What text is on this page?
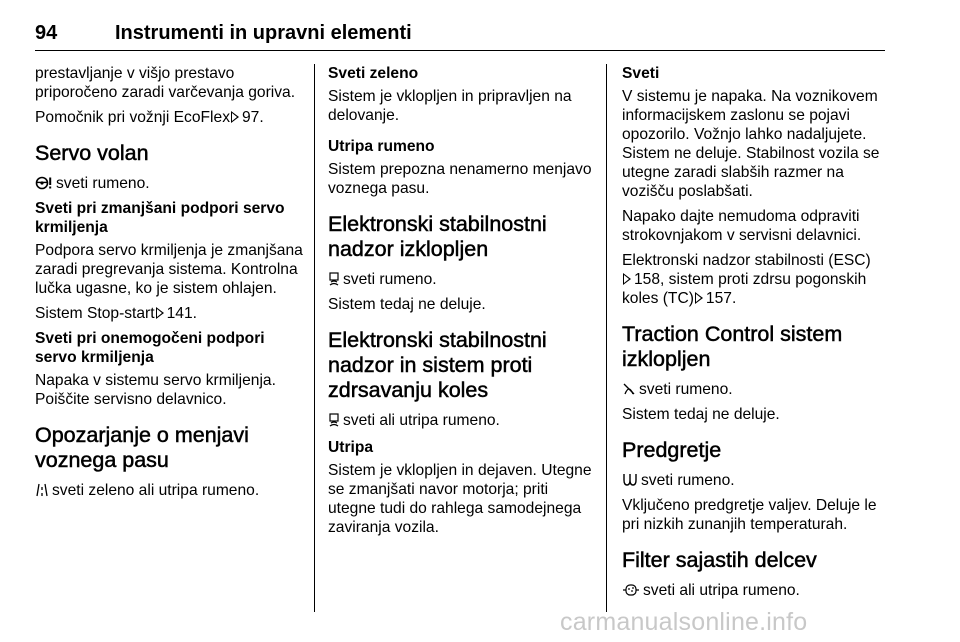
94	Instrumenti in upravni elementi

prestavljanje v višjo prestavo priporočeno zaradi varčevanja goriva.

Pomočnik pri vožnji EcoFlex 97.

Servo volan

sveti rumeno.

Sveti pri zmanjšani podpori servo krmiljenja

Podpora servo krmiljenja je zmanjšana zaradi pregrevanja sistema. Kontrolna lučka ugasne, ko je sistem ohlajen.

Sistem Stop-start 141.

Sveti pri onemogočeni podpori servo krmiljenja

Napaka v sistemu servo krmiljenja. Poiščite servisno delavnico.

Opozarjanje o menjavi voznega pasu

sveti zeleno ali utripa rumeno.

Sveti zeleno

Sistem je vklopljen in pripravljen na delovanje.

Utripa rumeno

Sistem prepozna nenamerno menjavo voznega pasu.

Elektronski stabilnostni nadzor izklopljen

sveti rumeno.

Sistem tedaj ne deluje.

Elektronski stabilnostni nadzor in sistem proti zdrsavanju koles

sveti ali utripa rumeno.

Utripa

Sistem je vklopljen in dejaven. Utegne se zmanjšati navor motorja; priti utegne tudi do rahlega samodejnega zaviranja vozila.

Sveti

V sistemu je napaka. Na voznikovem informacijskem zaslonu se pojavi opozorilo. Vožnjo lahko nadaljujete. Sistem ne deluje. Stabilnost vozila se utegne zaradi slabših razmer na vozišču poslabšati.

Napako dajte nemudoma odpraviti strokovnjakom v servisni delavnici.

Elektronski nadzor stabilnosti (ESC)
158, sistem proti zdrsu pogonskih koles (TC) 157.

Traction Control sistem izklopljen

sveti rumeno.

Sistem tedaj ne deluje.

Predgretje

sveti rumeno.

Vključeno predgretje valjev. Deluje le pri nizkih zunanjih temperaturah.

Filter sajastih delcev

sveti ali utripa rumeno.

carmanualsonline.info
